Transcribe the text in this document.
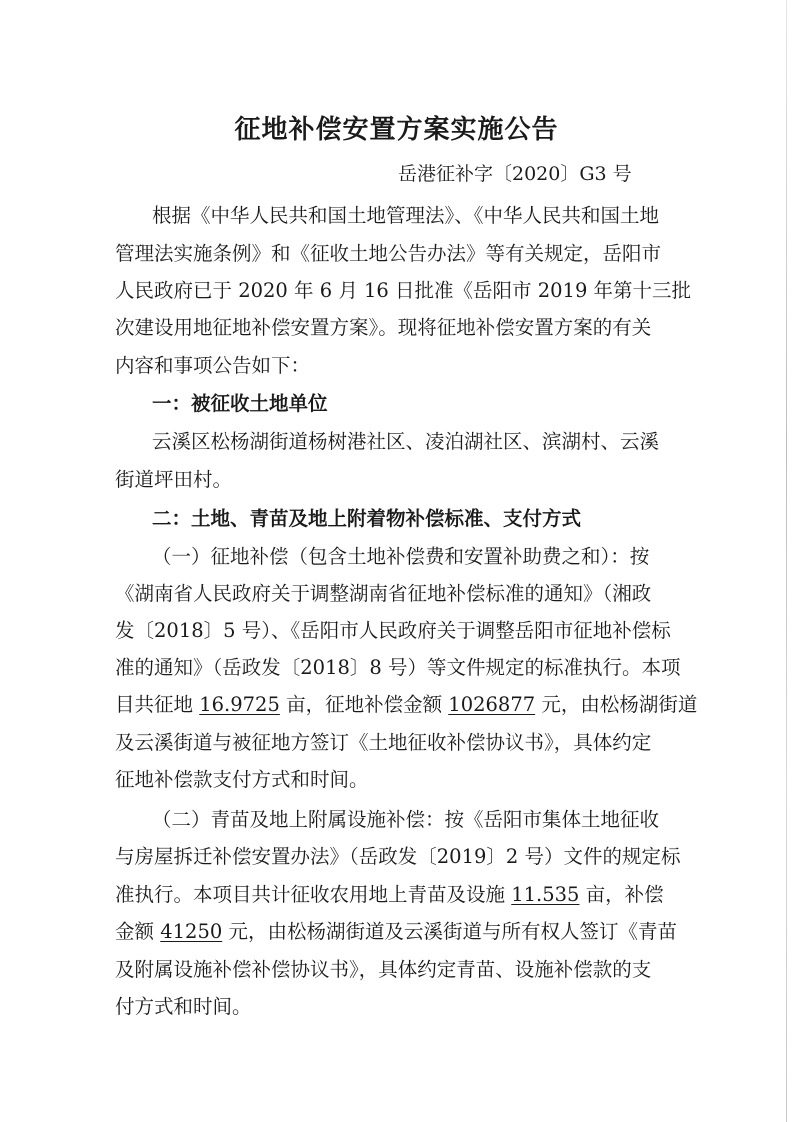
征地补偿安置方案实施公告
岳港征补字〔2020〕G3 号
根据《中华人民共和国土地管理法》、《中华人民共和国土地
管理法实施条例》和《征收土地公告办法》等有关规定，岳阳市
人民政府已于 2020 年 6 月 16 日批准《岳阳市 2019 年第十三批
次建设用地征地补偿安置方案》。现将征地补偿安置方案的有关
内容和事项公告如下：
一：被征收土地单位
云溪区松杨湖街道杨树港社区、凌泊湖社区、滨湖村、云溪
街道坪田村。
二：土地、青苗及地上附着物补偿标准、支付方式
（一）征地补偿（包含土地补偿费和安置补助费之和）：按
《湖南省人民政府关于调整湖南省征地补偿标准的通知》（湘政
发〔2018〕5 号）、《岳阳市人民政府关于调整岳阳市征地补偿标
准的通知》（岳政发〔2018〕8 号）等文件规定的标准执行。本项
目共征地 16.9725 亩，征地补偿金额 1026877 元，由松杨湖街道
及云溪街道与被征地方签订《土地征收补偿协议书》，具体约定
征地补偿款支付方式和时间。
（二）青苗及地上附属设施补偿：按《岳阳市集体土地征收
与房屋拆迁补偿安置办法》（岳政发〔2019〕2 号）文件的规定标
准执行。本项目共计征收农用地上青苗及设施 11.535 亩，补偿
金额 41250 元，由松杨湖街道及云溪街道与所有权人签订《青苗
及附属设施补偿补偿协议书》，具体约定青苗、设施补偿款的支
付方式和时间。
